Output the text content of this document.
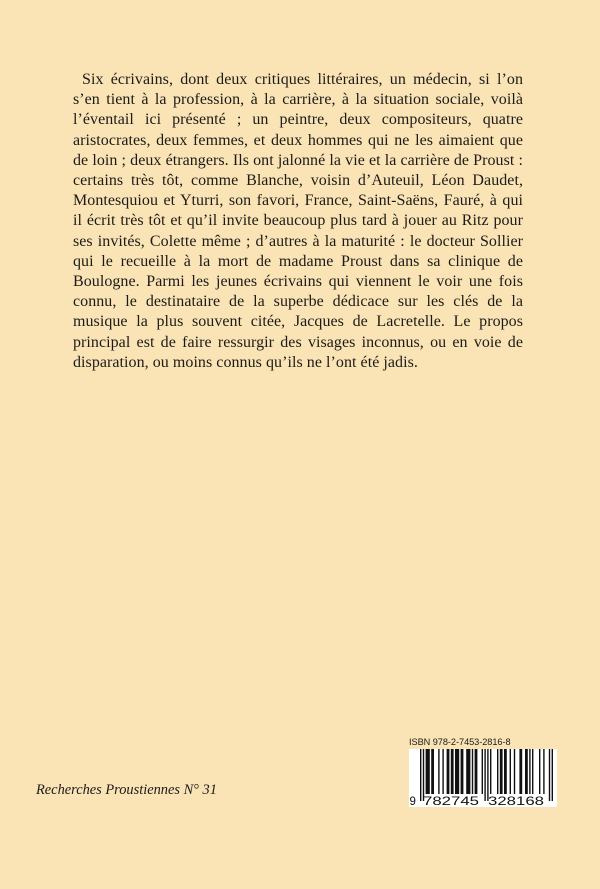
Six écrivains, dont deux critiques littéraires, un médecin, si l’on s’en tient à la profession, à la carrière, à la situation sociale, voilà l’éventail ici présenté ; un peintre, deux compositeurs, quatre aristocrates, deux femmes, et deux hommes qui ne les aimaient que de loin ; deux étrangers. Ils ont jalonné la vie et la carrière de Proust : certains très tôt, comme Blanche, voisin d’Auteuil, Léon Daudet, Montesquiou et Yturri, son favori, France, Saint-Saëns, Fauré, à qui il écrit très tôt et qu’il invite beaucoup plus tard à jouer au Ritz pour ses invités, Colette même ; d’autres à la maturité : le docteur Sollier qui le recueille à la mort de madame Proust dans sa clinique de Boulogne. Parmi les jeunes écrivains qui viennent le voir une fois connu, le destinataire de la superbe dédicace sur les clés de la musique la plus souvent citée, Jacques de Lacretelle. Le propos principal est de faire ressurgir des visages inconnus, ou en voie de disparation, ou moins connus qu’ils ne l’ont été jadis.

Recherches Proustiennes N° 31

ISBN 978-2-7453-2816-8
9 782745 328168
